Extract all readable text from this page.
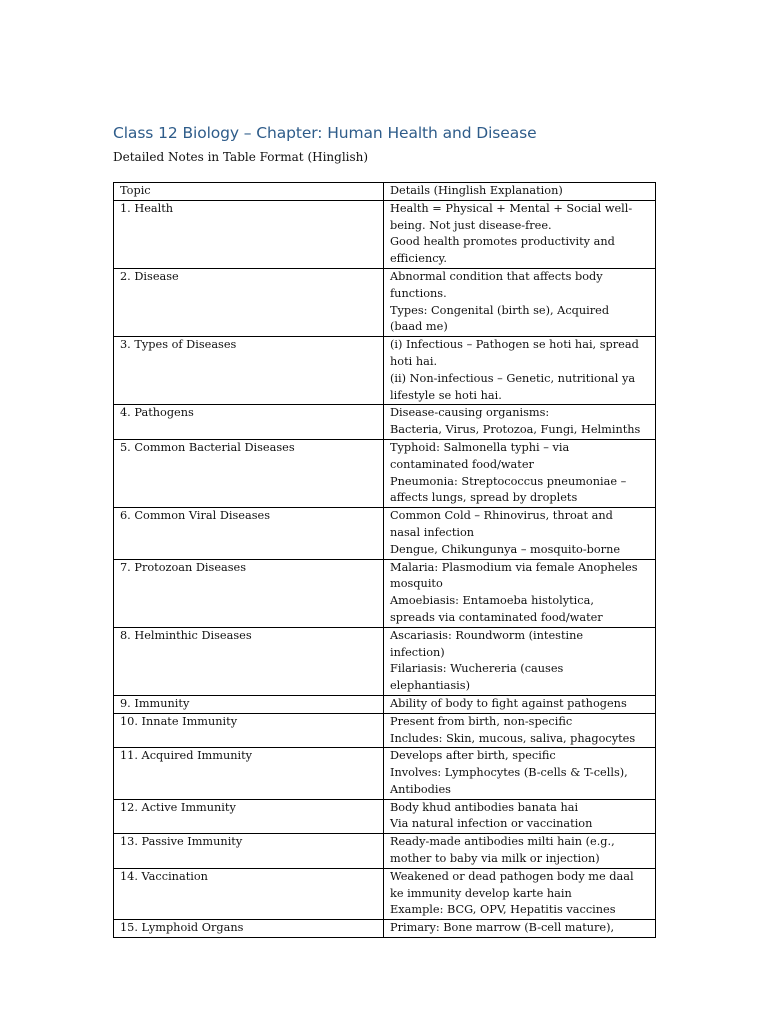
Class 12 Biology – Chapter: Human Health and Disease
Detailed Notes in Table Format (Hinglish)
Topic	Details (Hinglish Explanation)
1. Health	Health = Physical + Mental + Social well-
being. Not just disease-free.
Good health promotes productivity and
efficiency.

2. Disease	Abnormal condition that affects body
functions.
Types: Congenital (birth se), Acquired
(baad me)

3. Types of Diseases	(i) Infectious – Pathogen se hoti hai, spread
hoti hai.
(ii) Non-infectious – Genetic, nutritional ya
lifestyle se hoti hai.

4. Pathogens	Disease-causing organisms:
Bacteria, Virus, Protozoa, Fungi, Helminths

5. Common Bacterial Diseases	Typhoid: Salmonella typhi – via
contaminated food/water
Pneumonia: Streptococcus pneumoniae –
affects lungs, spread by droplets

6. Common Viral Diseases	Common Cold – Rhinovirus, throat and
nasal infection
Dengue, Chikungunya – mosquito-borne

7. Protozoan Diseases	Malaria: Plasmodium via female Anopheles
mosquito
Amoebiasis: Entamoeba histolytica,
spreads via contaminated food/water

8. Helminthic Diseases	Ascariasis: Roundworm (intestine
infection)
Filariasis: Wuchereria (causes
elephantiasis)

9. Immunity	Ability of body to fight against pathogens

10. Innate Immunity	Present from birth, non-specific
Includes: Skin, mucous, saliva, phagocytes

11. Acquired Immunity	Develops after birth, specific
Involves: Lymphocytes (B-cells & T-cells),
Antibodies

12. Active Immunity	Body khud antibodies banata hai
Via natural infection or vaccination

13. Passive Immunity	Ready-made antibodies milti hain (e.g.,
mother to baby via milk or injection)

14. Vaccination	Weakened or dead pathogen body me daal
ke immunity develop karte hain
Example: BCG, OPV, Hepatitis vaccines

15. Lymphoid Organs	Primary: Bone marrow (B-cell mature),
